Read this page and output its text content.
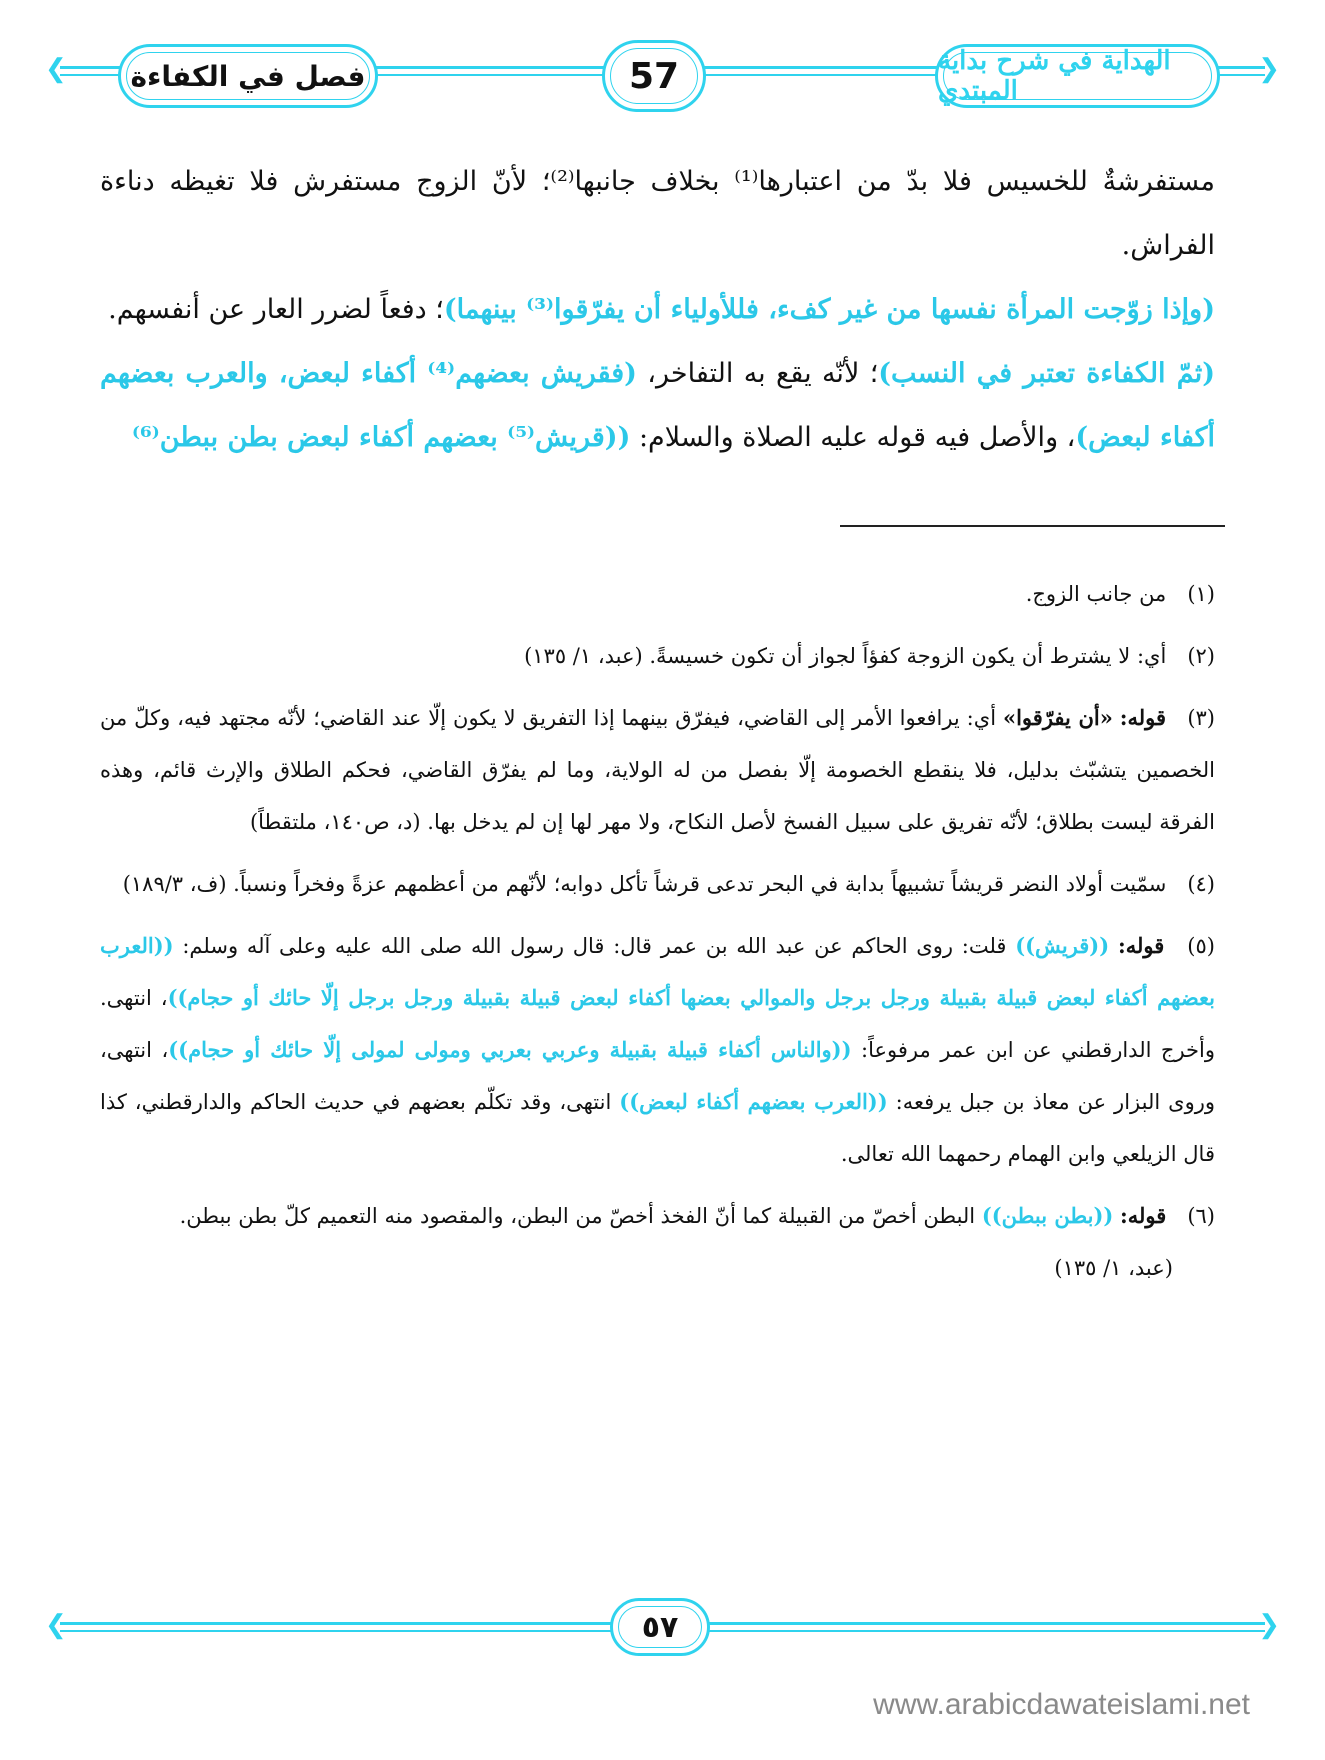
❮	❯
فصل في الكفاءة	57	الهداية في شرح بداية المبتدي

مستفرشةٌ للخسيس فلا بدّ من اعتبارها⁽¹⁾ بخلاف جانبها⁽²⁾؛ لأنّ الزوج مستفرش فلا تغيظه دناءة الفراش.

(وإذا زوّجت المرأة نفسها من غير كفء، فللأولياء أن يفرّقوا⁽³⁾ بينهما)؛ دفعاً لضرر العار عن أنفسهم.

(ثمّ الكفاءة تعتبر في النسب)؛ لأنّه يقع به التفاخر، (فقريش بعضهم⁽⁴⁾ أكفاء لبعض، والعرب بعضهم أكفاء لبعض)، والأصل فيه قوله عليه الصلاة والسلام: ((قريش⁽⁵⁾ بعضهم أكفاء لبعض بطن ببطن⁽⁶⁾

(١) من جانب الزوج.

(٢) أي: لا يشترط أن يكون الزوجة كفؤاً لجواز أن تكون خسيسةً. (عبد، ١/ ١٣٥)

(٣) قوله: «أن يفرّقوا» أي: يرافعوا الأمر إلى القاضي، فيفرّق بينهما إذا التفريق لا يكون إلّا عند القاضي؛ لأنّه مجتهد فيه، وكلّ من الخصمين يتشبّث بدليل، فلا ينقطع الخصومة إلّا بفصل من له الولاية، وما لم يفرّق القاضي، فحكم الطلاق والإرث قائم، وهذه الفرقة ليست بطلاق؛ لأنّه تفريق على سبيل الفسخ لأصل النكاح، ولا مهر لها إن لم يدخل بها. (د، ص١٤٠، ملتقطاً)

(٤) سمّيت أولاد النضر قريشاً تشبيهاً بدابة في البحر تدعى قرشاً تأكل دوابه؛ لأنّهم من أعظمهم عزةً وفخراً ونسباً. (ف، ١٨٩/٣)

(٥) قوله: ((قريش)) قلت: روى الحاكم عن عبد الله بن عمر قال: قال رسول الله صلى الله عليه وعلى آله وسلم: ((العرب بعضهم أكفاء لبعض قبيلة بقبيلة ورجل برجل والموالي بعضها أكفاء لبعض قبيلة بقبيلة ورجل برجل إلّا حائك أو حجام))، انتهى. وأخرج الدارقطني عن ابن عمر مرفوعاً: ((والناس أكفاء قبيلة بقبيلة وعربي بعربي ومولى لمولى إلّا حائك أو حجام))، انتهى، وروى البزار عن معاذ بن جبل يرفعه: ((العرب بعضهم أكفاء لبعض)) انتهى، وقد تكلّم بعضهم في حديث الحاكم والدارقطني، كذا قال الزيلعي وابن الهمام رحمهما الله تعالى.

(٦) قوله: ((بطن ببطن)) البطن أخصّ من القبيلة كما أنّ الفخذ أخصّ من البطن، والمقصود منه التعميم كلّ بطن ببطن.
(عبد، ١/ ١٣٥)

❮	❯
٥٧
www.arabicdawateislami.net
